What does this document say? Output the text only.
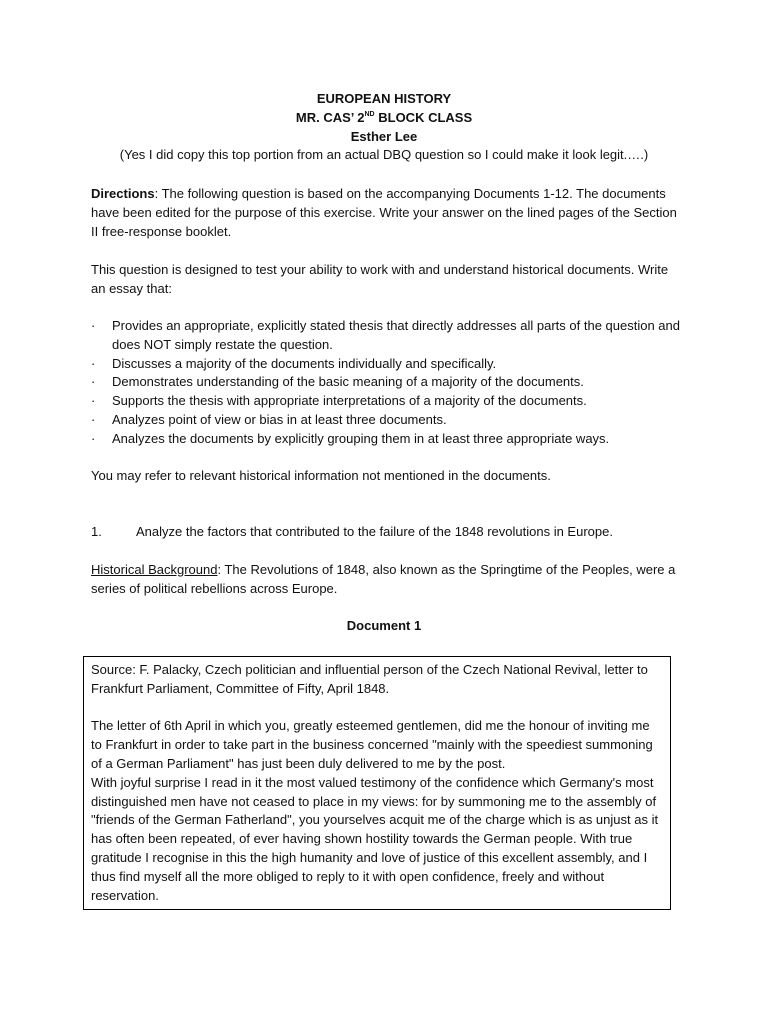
EUROPEAN HISTORY
MR. CAS’ 2ND BLOCK CLASS
Esther Lee
(Yes I did copy this top portion from an actual DBQ question so I could make it look legit.….)

Directions: The following question is based on the accompanying Documents 1-12. The documents have been edited for the purpose of this exercise. Write your answer on the lined pages of the Section II free-response booklet.

This question is designed to test your ability to work with and understand historical documents. Write an essay that:

·	Provides an appropriate, explicitly stated thesis that directly addresses all parts of the question and does NOT simply restate the question.
·	Discusses a majority of the documents individually and specifically.
·	Demonstrates understanding of the basic meaning of a majority of the documents.
·	Supports the thesis with appropriate interpretations of a majority of the documents.
·	Analyzes point of view or bias in at least three documents.
·	Analyzes the documents by explicitly grouping them in at least three appropriate ways.

You may refer to relevant historical information not mentioned in the documents.

1.	Analyze the factors that contributed to the failure of the 1848 revolutions in Europe.

Historical Background: The Revolutions of 1848, also known as the Springtime of the Peoples, were a series of political rebellions across Europe.

Document 1

Source: F. Palacky, Czech politician and influential person of the Czech National Revival, letter to Frankfurt Parliament, Committee of Fifty, April 1848.

The letter of 6th April in which you, greatly esteemed gentlemen, did me the honour of inviting me to Frankfurt in order to take part in the business concerned "mainly with the speediest summoning of a German Parliament" has just been duly delivered to me by the post.

With joyful surprise I read in it the most valued testimony of the confidence which Germany's most distinguished men have not ceased to place in my views: for by summoning me to the assembly of "friends of the German Fatherland", you yourselves acquit me of the charge which is as unjust as it has often been repeated, of ever having shown hostility towards the German people. With true gratitude I recognise in this the high humanity and love of justice of this excellent assembly, and I thus find myself all the more obliged to reply to it with open confidence, freely and without reservation.
